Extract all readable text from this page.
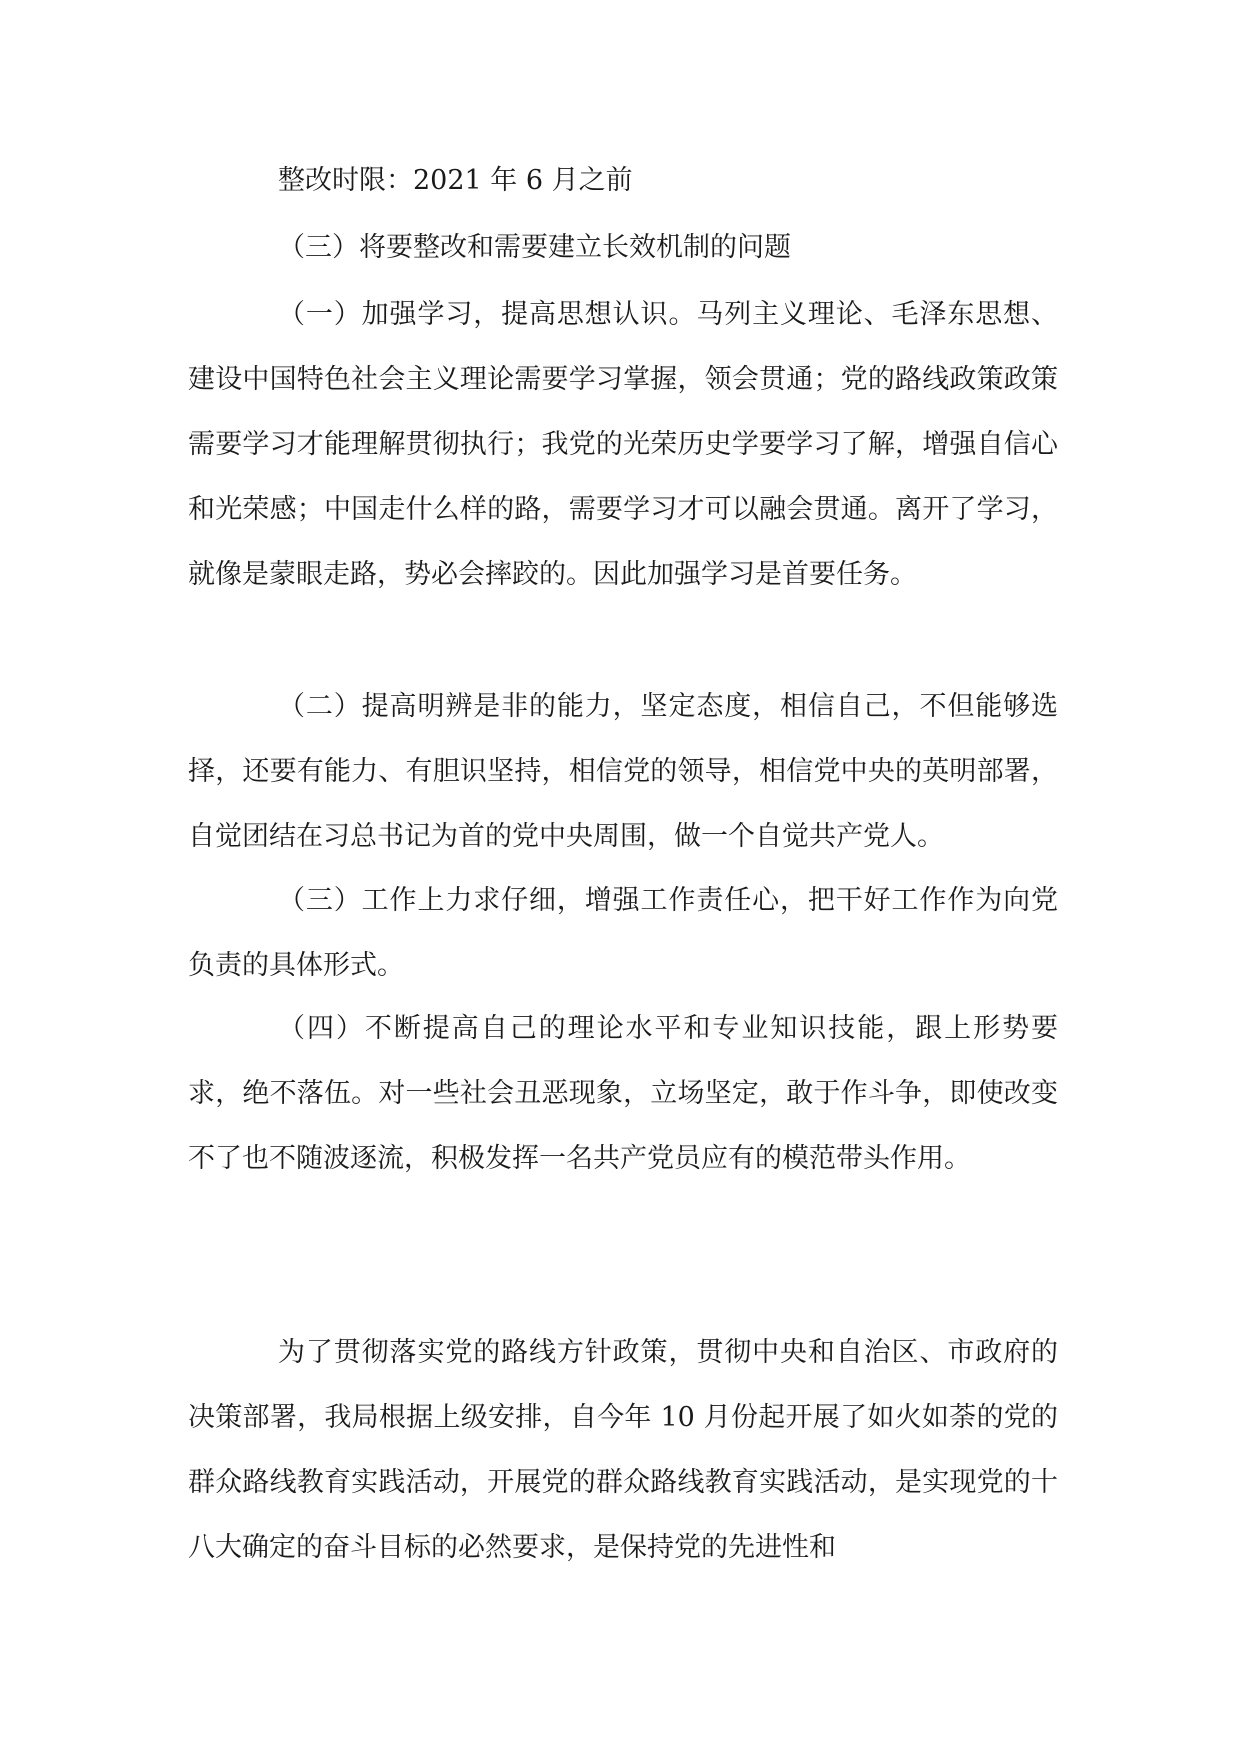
整改时限：2021 年 6 月之前

（三）将要整改和需要建立长效机制的问题

（一）加强学习，提高思想认识。马列主义理论、毛泽东思想、建设中国特色社会主义理论需要学习掌握，领会贯通；党的路线政策政策需要学习才能理解贯彻执行；我党的光荣历史学要学习了解，增强自信心和光荣感；中国走什么样的路，需要学习才可以融会贯通。离开了学习，就像是蒙眼走路，势必会摔跤的。因此加强学习是首要任务。

（二）提高明辨是非的能力，坚定态度，相信自己，不但能够选择，还要有能力、有胆识坚持，相信党的领导，相信党中央的英明部署，自觉团结在习总书记为首的党中央周围，做一个自觉共产党人。

（三）工作上力求仔细，增强工作责任心，把干好工作作为向党负责的具体形式。

（四）不断提高自己的理论水平和专业知识技能，跟上形势要求，绝不落伍。对一些社会丑恶现象，立场坚定，敢于作斗争，即使改变不了也不随波逐流，积极发挥一名共产党员应有的模范带头作用。

为了贯彻落实党的路线方针政策，贯彻中央和自治区、市政府的决策部署，我局根据上级安排，自今年 10 月份起开展了如火如荼的党的群众路线教育实践活动，开展党的群众路线教育实践活动，是实现党的十八大确定的奋斗目标的必然要求，是保持党的先进性和
